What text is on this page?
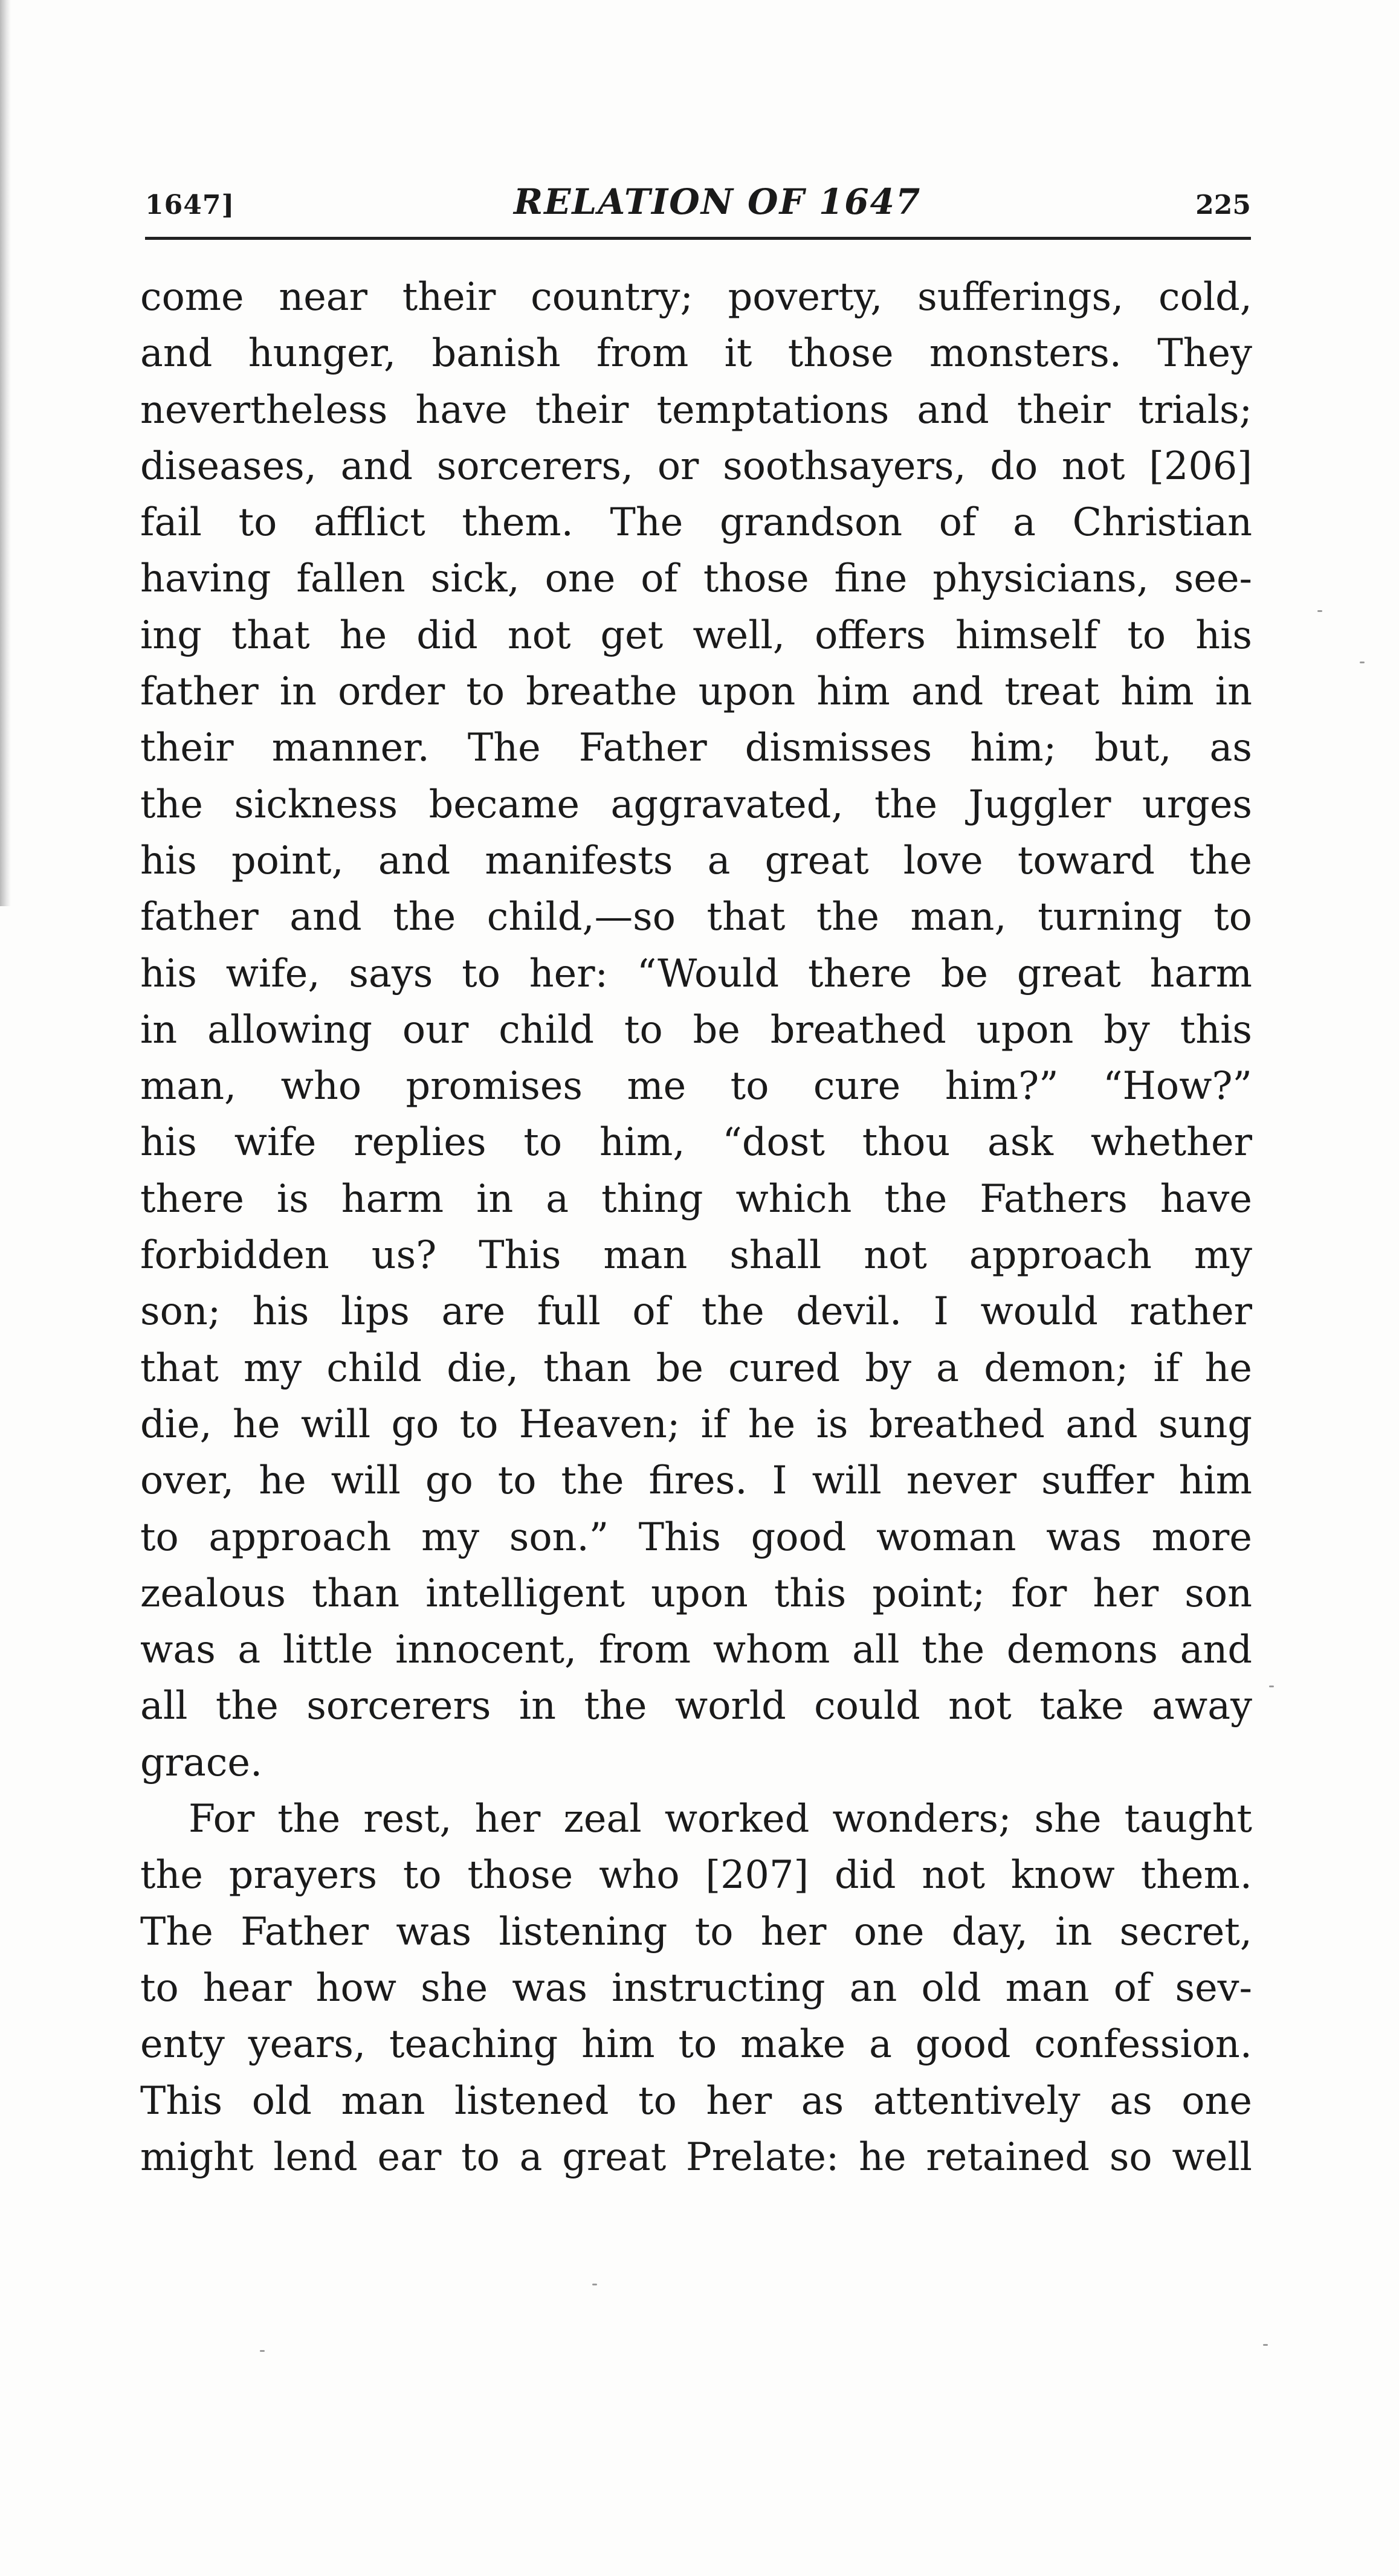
1647]	RELATION OF 1647	225
come near their country; poverty, sufferings, cold,
and hunger, banish from it those monsters. They
nevertheless have their temptations and their trials;
diseases, and sorcerers, or soothsayers, do not [206]
fail to afflict them. The grandson of a Christian
having fallen sick, one of those fine physicians, see-
ing that he did not get well, offers himself to his
father in order to breathe upon him and treat him in
their manner. The Father dismisses him; but, as
the sickness became aggravated, the Juggler urges
his point, and manifests a great love toward the
father and the child,—so that the man, turning to
his wife, says to her: “Would there be great harm
in allowing our child to be breathed upon by this
man, who promises me to cure him?” “How?”
his wife replies to him, “dost thou ask whether
there is harm in a thing which the Fathers have
forbidden us? This man shall not approach my
son; his lips are full of the devil. I would rather
that my child die, than be cured by a demon; if he
die, he will go to Heaven; if he is breathed and sung
over, he will go to the fires. I will never suffer him
to approach my son.” This good woman was more
zealous than intelligent upon this point; for her son
was a little innocent, from whom all the demons and
all the sorcerers in the world could not take away
grace.
For the rest, her zeal worked wonders; she taught
the prayers to those who [207] did not know them.
The Father was listening to her one day, in secret,
to hear how she was instructing an old man of sev-
enty years, teaching him to make a good confession.
This old man listened to her as attentively as one
might lend ear to a great Prelate: he retained so well
